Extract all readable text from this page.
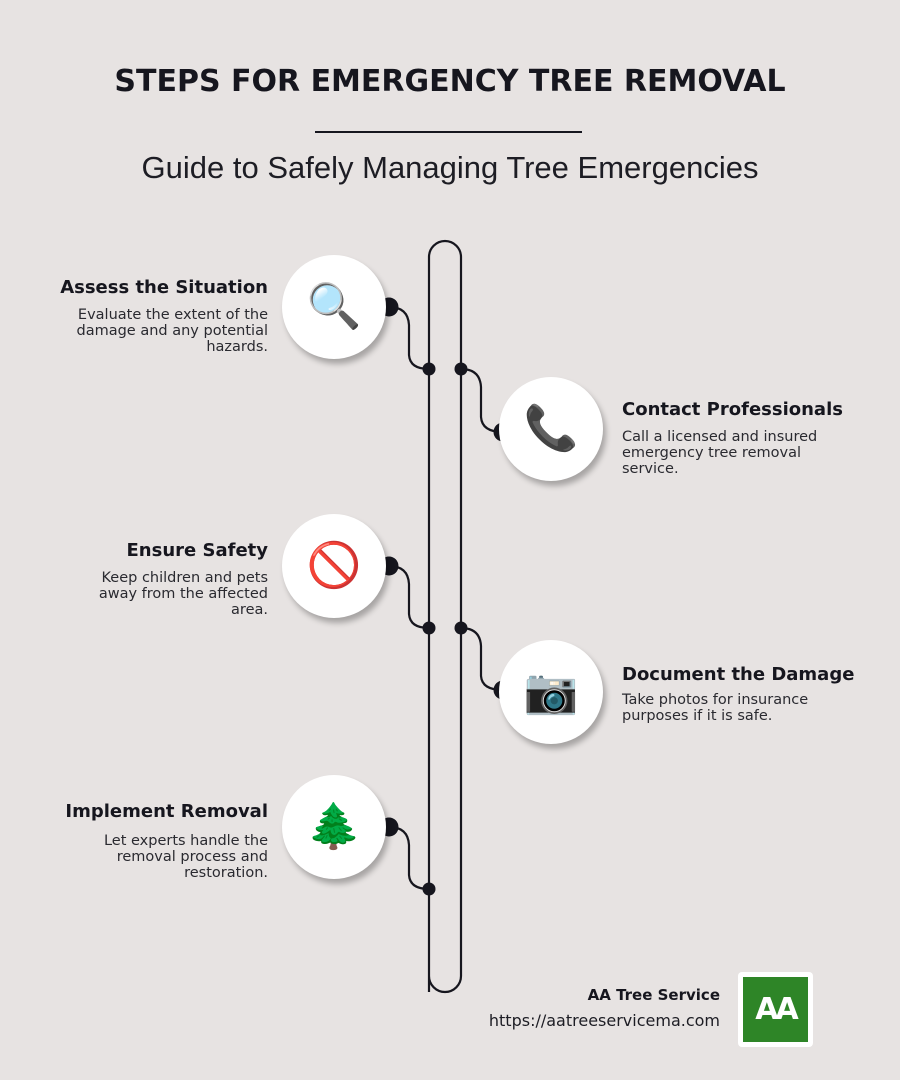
STEPS FOR EMERGENCY TREE REMOVAL
Guide to Safely Managing Tree Emergencies
Assess the Situation
Evaluate the extent of the damage and any potential hazards.
🔍
📞	Contact Professionals
Call a licensed and insured emergency tree removal service.
Ensure Safety
Keep children and pets away from the affected area.
🚫
📷	Document the Damage
Take photos for insurance purposes if it is safe.
Implement Removal
Let experts handle the removal process and restoration.
🌲
AA Tree Service
https://aatreeservicema.com	AA
